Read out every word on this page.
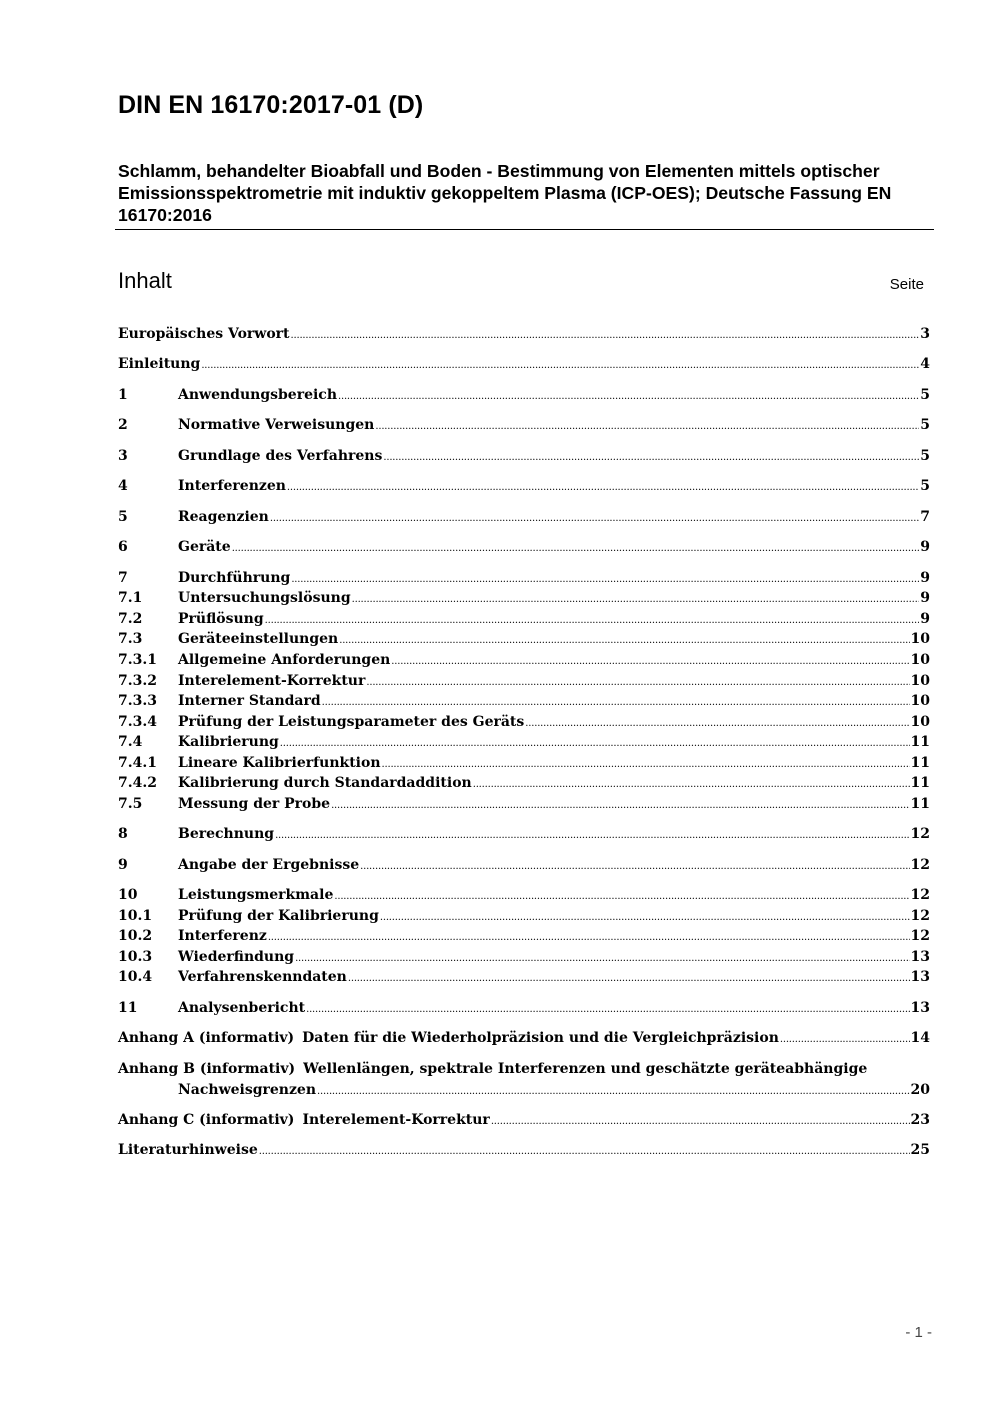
DIN EN 16170:2017-01 (D)
Schlamm, behandelter Bioabfall und Boden - Bestimmung von Elementen mittels optischer Emissionsspektrometrie mit induktiv gekoppeltem Plasma (ICP-OES); Deutsche Fassung EN 16170:2016
Inhalt	Seite
Europäisches Vorwort .....	3
Einleitung .....	4
1	Anwendungsbereich .....	5
2	Normative Verweisungen .....	5
3	Grundlage des Verfahrens .....	5
4	Interferenzen .....	5
5	Reagenzien .....	7
6	Geräte .....	9
7	Durchführung .....	9
7.1	Untersuchungslösung .....	9
7.2	Prüflösung .....	9
7.3	Geräteeinstellungen .....	10
7.3.1	Allgemeine Anforderungen .....	10
7.3.2	Interelement-Korrektur .....	10
7.3.3	Interner Standard .....	10
7.3.4	Prüfung der Leistungsparameter des Geräts .....	10
7.4	Kalibrierung .....	11
7.4.1	Lineare Kalibrierfunktion .....	11
7.4.2	Kalibrierung durch Standardaddition .....	11
7.5	Messung der Probe .....	11
8	Berechnung .....	12
9	Angabe der Ergebnisse .....	12
10	Leistungsmerkmale .....	12
10.1	Prüfung der Kalibrierung .....	12
10.2	Interferenz .....	12
10.3	Wiederfindung .....	13
10.4	Verfahrenskenndaten .....	13
11	Analysenbericht .....	13
Anhang A (informativ) Daten für die Wiederholpräzision und die Vergleichpräzision .....	14
Anhang B (informativ) Wellenlängen, spektrale Interferenzen und geschätzte geräteabhängige
Nachweisgrenzen .....	20
Anhang C (informativ) Interelement-Korrektur .....	23
Literaturhinweise .....	25
- 1 -
